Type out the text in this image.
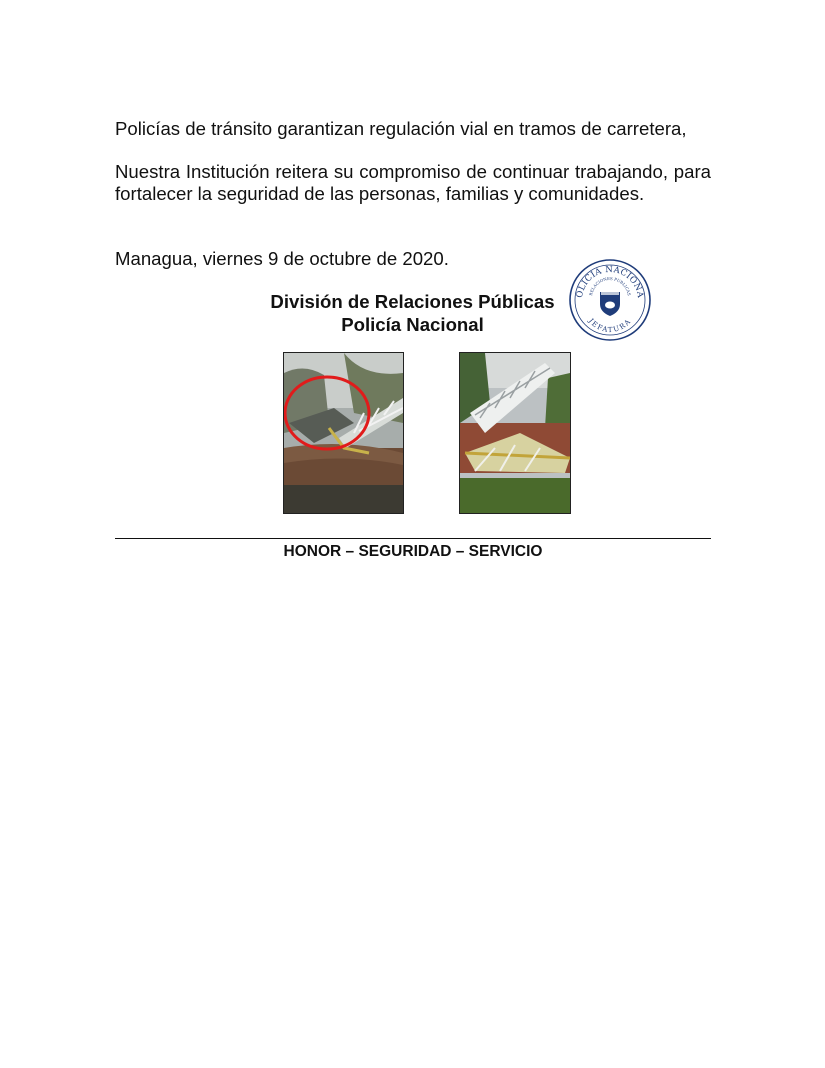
Policías de tránsito garantizan regulación vial en tramos de carretera,

Nuestra Institución reitera su compromiso de continuar trabajando, para fortalecer la seguridad de las personas, familias y comunidades.

Managua, viernes 9 de octubre de 2020.

División de Relaciones Públicas
Policía Nacional
OLICIA NACIONA
RELACIONES PUBLICAS
JEFATURA
HONOR – SEGURIDAD – SERVICIO
